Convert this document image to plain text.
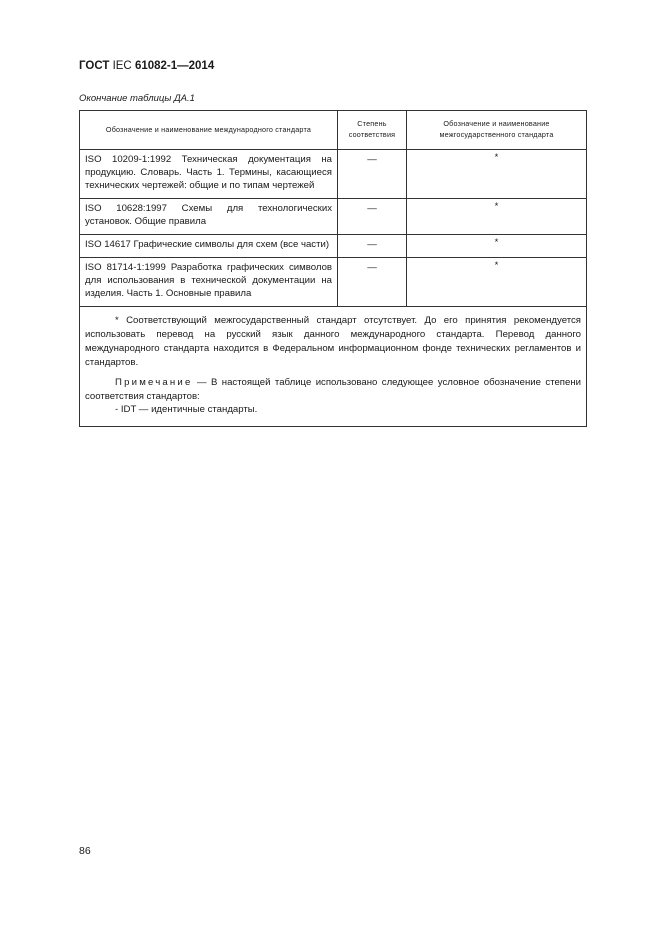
ГОСТ IEC 61082-1—2014
Окончание таблицы ДА.1
Обозначение и наименование международного стандарта	Степень соответствия	Обозначение и наименование межгосударственного стандарта
ISO 10209-1:1992 Техническая документация на продукцию. Словарь. Часть 1. Термины, касающиеся технических чертежей: общие и по типам чертежей	—	*
ISO 10628:1997 Схемы для технологических установок. Общие правила	—	*
ISO 14617 Графические символы для схем (все части)	—	*
ISO 81714-1:1999 Разработка графических символов для использования в технической документации на изделия. Часть 1. Основные правила	—	*

* Соответствующий межгосударственный стандарт отсутствует. До его принятия рекомендуется использовать перевод на русский язык данного международного стандарта. Перевод данного международного стандарта находится в Федеральном информационном фонде технических регламентов и стандартов.

Примечание — В настоящей таблице использовано следующее условное обозначение степени соответствия стандартов:

- IDT — идентичные стандарты.		

86
